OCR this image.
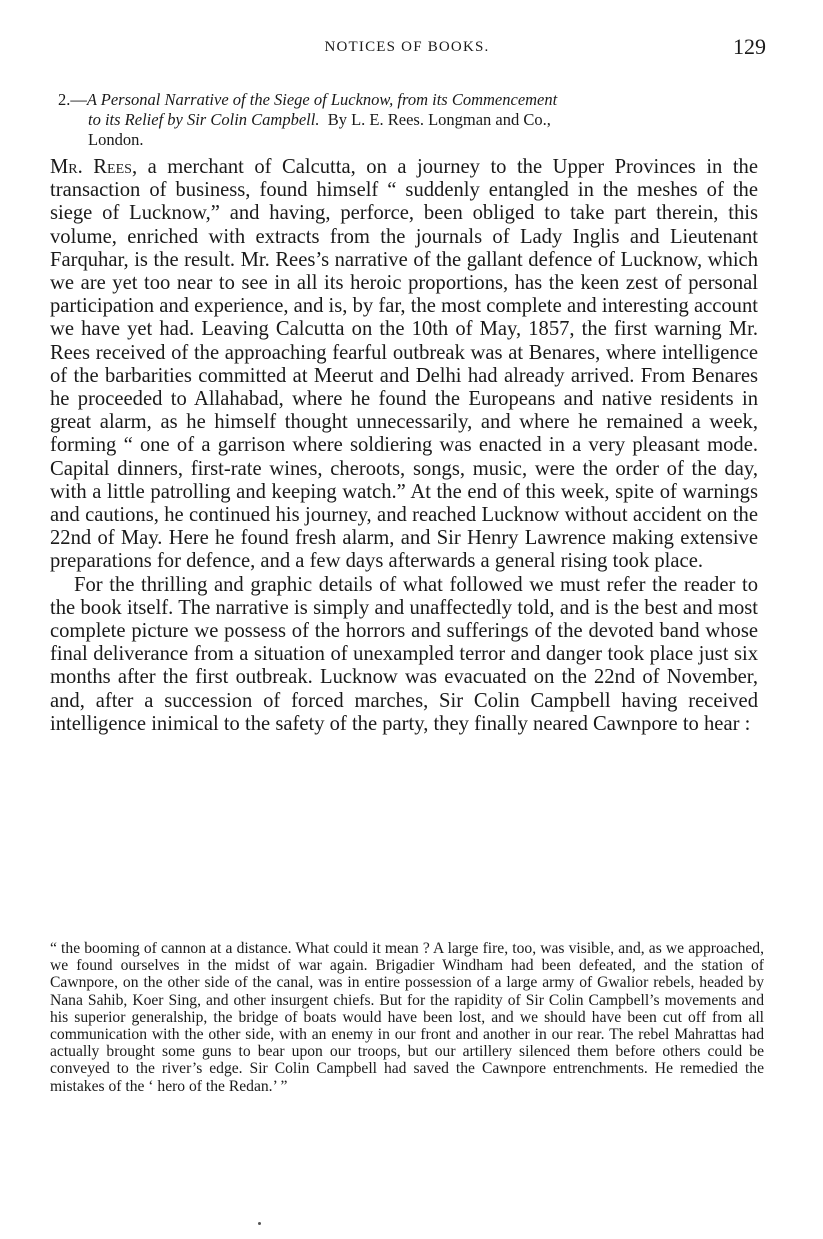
NOTICES OF BOOKS.	129
2.—A Personal Narrative of the Siege of Lucknow, from its Commencement
to its Relief by Sir Colin Campbell. By L. E. Rees. Longman and Co.,
London.

Mr. Rees, a merchant of Calcutta, on a journey to the Upper Provinces in the transaction of business, found himself “ suddenly entangled in the meshes of the siege of Lucknow,” and having, perforce, been obliged to take part therein, this volume, enriched with extracts from the journals of Lady Inglis and Lieutenant Farquhar, is the result. Mr. Rees’s narrative of the gallant defence of Lucknow, which we are yet too near to see in all its heroic proportions, has the keen zest of personal participation and experience, and is, by far, the most complete and interesting account we have yet had. Leaving Calcutta on the 10th of May, 1857, the first warning Mr. Rees received of the approaching fearful outbreak was at Benares, where intelligence of the barbarities committed at Meerut and Delhi had already arrived. From Benares he proceeded to Allahabad, where he found the Europeans and native residents in great alarm, as he himself thought unnecessarily, and where he remained a week, forming “ one of a garrison where soldiering was enacted in a very pleasant mode. Capital dinners, first-rate wines, cheroots, songs, music, were the order of the day, with a little patrolling and keeping watch.” At the end of this week, spite of warnings and cautions, he continued his journey, and reached Lucknow without accident on the 22nd of May. Here he found fresh alarm, and Sir Henry Lawrence making extensive preparations for defence, and a few days afterwards a general rising took place.

For the thrilling and graphic details of what followed we must refer the reader to the book itself. The narrative is simply and unaffectedly told, and is the best and most complete picture we possess of the horrors and sufferings of the devoted band whose final deliverance from a situation of unexampled terror and danger took place just six months after the first outbreak. Lucknow was evacuated on the 22nd of November, and, after a succession of forced marches, Sir Colin Campbell having received intelligence inimical to the safety of the party, they finally neared Cawnpore to hear :

“ the booming of cannon at a distance. What could it mean ? A large fire, too, was visible, and, as we approached, we found ourselves in the midst of war again. Brigadier Windham had been defeated, and the station of Cawnpore, on the other side of the canal, was in entire possession of a large army of Gwalior rebels, headed by Nana Sahib, Koer Sing, and other insurgent chiefs. But for the rapidity of Sir Colin Campbell’s movements and his superior generalship, the bridge of boats would have been lost, and we should have been cut off from all communication with the other side, with an enemy in our front and another in our rear. The rebel Mahrattas had actually brought some guns to bear upon our troops, but our artillery silenced them before others could be conveyed to the river’s edge. Sir Colin Campbell had saved the Cawnpore entrenchments. He remedied the mistakes of the ‘ hero of the Redan.’ ”
